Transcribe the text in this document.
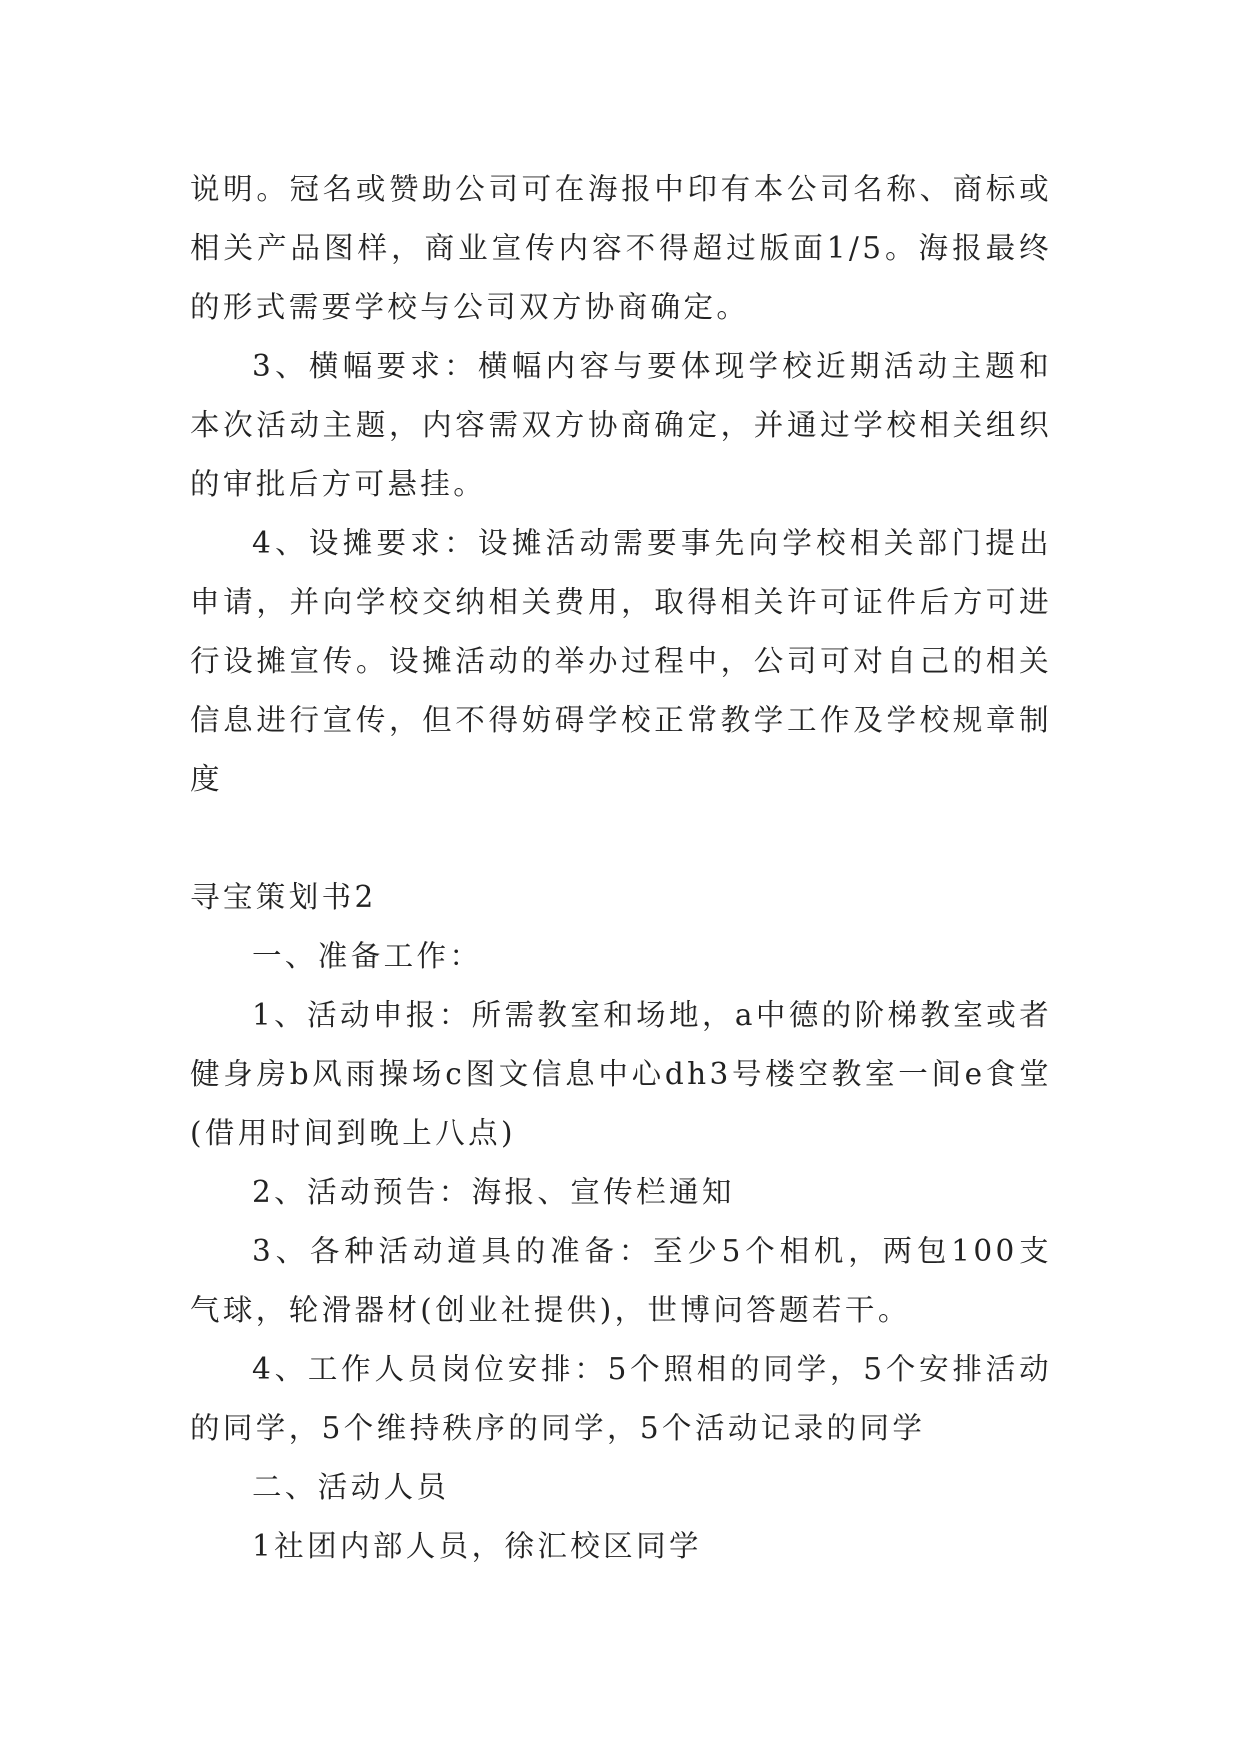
说明。冠名或赞助公司可在海报中印有本公司名称、商标或相关产品图样，商业宣传内容不得超过版面1/5。海报最终的形式需要学校与公司双方协商确定。

3、横幅要求：横幅内容与要体现学校近期活动主题和本次活动主题，内容需双方协商确定，并通过学校相关组织的审批后方可悬挂。

4、设摊要求：设摊活动需要事先向学校相关部门提出申请，并向学校交纳相关费用，取得相关许可证件后方可进行设摊宣传。设摊活动的举办过程中，公司可对自己的相关信息进行宣传，但不得妨碍学校正常教学工作及学校规章制度

寻宝策划书2

一、准备工作：

1、活动申报：所需教室和场地，a中德的阶梯教室或者健身房b风雨操场c图文信息中心dh3号楼空教室一间e食堂(借用时间到晚上八点)

2、活动预告：海报、宣传栏通知

3、各种活动道具的准备：至少5个相机，两包100支气球，轮滑器材(创业社提供)，世博问答题若干。

4、工作人员岗位安排：5个照相的同学，5个安排活动的同学，5个维持秩序的同学，5个活动记录的同学

二、活动人员

1社团内部人员，徐汇校区同学
